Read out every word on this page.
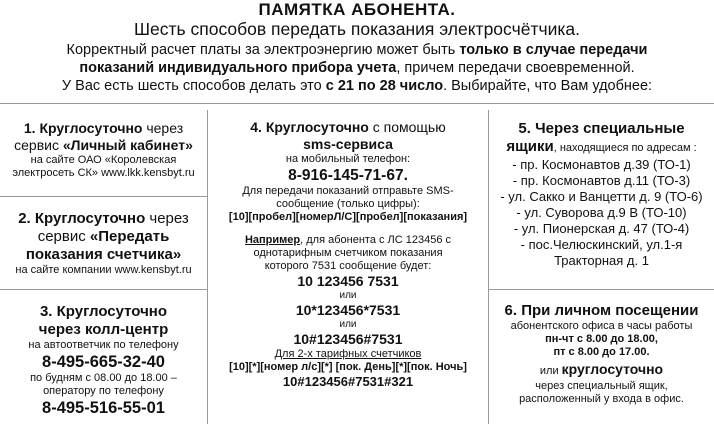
ПАМЯТКА АБОНЕНТА.
Шесть способов передать показания электросчётчика.
Корректный расчет платы за электроэнергию может быть только в случае передачи
показаний индивидуального прибора учета, причем передачи своевременной.
У Вас есть шесть способов делать это с 21 по 28 число. Выбирайте, что Вам удобнее:
1. Круглосуточно через
сервис «Личный кабинет»
на сайте ОАО «Королевская
электросеть СК» www.lkk.kensbyt.ru
2. Круглосуточно через
сервис «Передать
показания счетчика»
на сайте компании www.kensbyt.ru
3. Круглосуточно
через колл-центр
на автоответчик по телефону
8-495-665-32-40
по будням с 08.00 до 18.00 –
оператору по телефону
8-495-516-55-01
4. Круглосуточно с помощью
sms-сервиса
на мобильный телефон:
8-916-145-71-67.
Для передачи показаний отправьте SMS-
сообщение (только цифры):
[10][пробел][номерЛ/С][пробел][показания]
Например, для абонента с ЛС 123456 с
однотарифным счетчиком показания
которого 7531 сообщение будет:
10 123456 7531
или
10*123456*7531
или
10#123456#7531
Для 2-х тарифных счетчиков
[10][*][номер л/с][*] [пок. День][*][пок. Ночь]
10#123456#7531#321
5. Через специальные
ящики, находящиеся по адресам :
- пр. Космонавтов д.39 (ТО-1)
- пр. Космонавтов д.11 (ТО-3)
- ул. Сакко и Ванцетти д. 9 (ТО-6)
- ул. Суворова д.9 В (ТО-10)
- ул. Пионерская д. 47 (ТО-4)
- пос.Челюскинский, ул.1-я
Тракторная д. 1
6. При личном посещении
абонентского офиса в часы работы
пн-чт с 8.00 до 18.00,
пт с 8.00 до 17.00.
или круглосуточно
через специальный ящик,
расположенный у входа в офис.
